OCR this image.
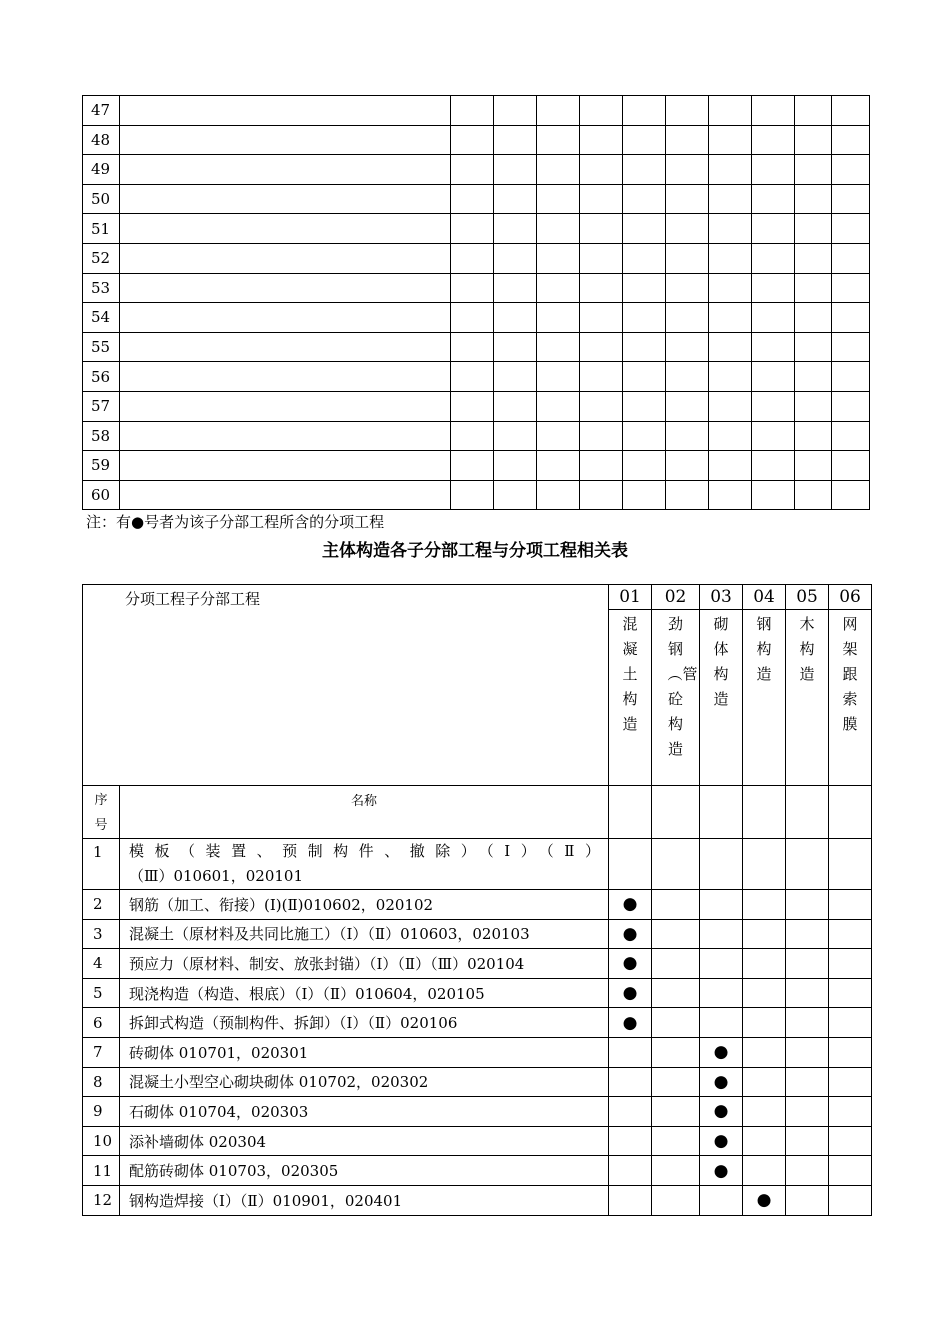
47											
48											
49											
50											
51											
52											
53											
54											
55											
56											
57											
58											
59											
60											
注：有●号者为该子分部工程所含的分项工程
主体构造各子分部工程与分项工程相关表
分项工程子分部工程		01	02	03	04	05	06
		混凝土构造	劲钢︵管砼构造	砌体构造	钢构造	木构造	网架跟索膜
序号	名称						
1	模板（装置、预制构件、撤除）（Ⅰ）（Ⅱ）
（Ⅲ）010601，020101						

2	钢筋（加工、衔接）(Ⅰ)(Ⅱ)010602，020102	●					
3	混凝土（原材料及共同比施工）（Ⅰ）（Ⅱ）010603，020103	●					
4	预应力（原材料、制安、放张封锚）（Ⅰ）（Ⅱ）（Ⅲ）020104	●					
5	现浇构造（构造、根底）（Ⅰ）（Ⅱ）010604，020105	●					
6	拆卸式构造（预制构件、拆卸）（Ⅰ）（Ⅱ）020106	●					
7	砖砌体 010701，020301			●			
8	混凝土小型空心砌块砌体 010702，020302			●			
9	石砌体 010704，020303			●			
10	添补墙砌体 020304			●			
11	配筋砖砌体 010703，020305			●			
12	钢构造焊接（Ⅰ）（Ⅱ）010901，020401				●		
